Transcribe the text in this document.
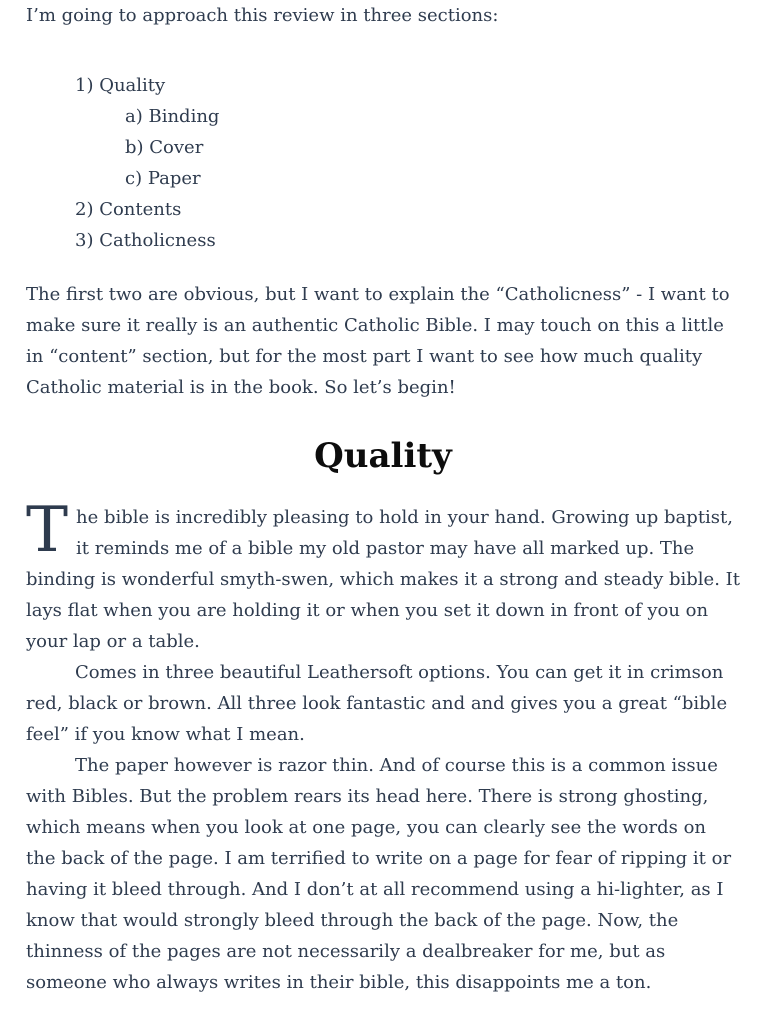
I’m going to approach this review in three sections:

1) Quality
a) Binding
b) Cover
c) Paper
2) Contents
3) Catholicness

The first two are obvious, but I want to explain the “Catholicness” - I want to make sure it really is an authentic Catholic Bible. I may touch on this a little in “content” section, but for the most part I want to see how much quality Catholic material is in the book. So let’s begin!

Quality

The bible is incredibly pleasing to hold in your hand. Growing up baptist, it reminds me of a bible my old pastor may have all marked up. The binding is wonderful smyth-swen, which makes it a strong and steady bible. It lays flat when you are holding it or when you set it down in front of you on your lap or a table.

Comes in three beautiful Leathersoft options. You can get it in crimson red, black or brown. All three look fantastic and and gives you a great “bible feel” if you know what I mean.

The paper however is razor thin. And of course this is a common issue with Bibles. But the problem rears its head here. There is strong ghosting, which means when you look at one page, you can clearly see the words on the back of the page. I am terrified to write on a page for fear of ripping it or having it bleed through. And I don’t at all recommend using a hi-lighter, as I know that would strongly bleed through the back of the page. Now, the thinness of the pages are not necessarily a dealbreaker for me, but as someone who always writes in their bible, this disappoints me a ton.
